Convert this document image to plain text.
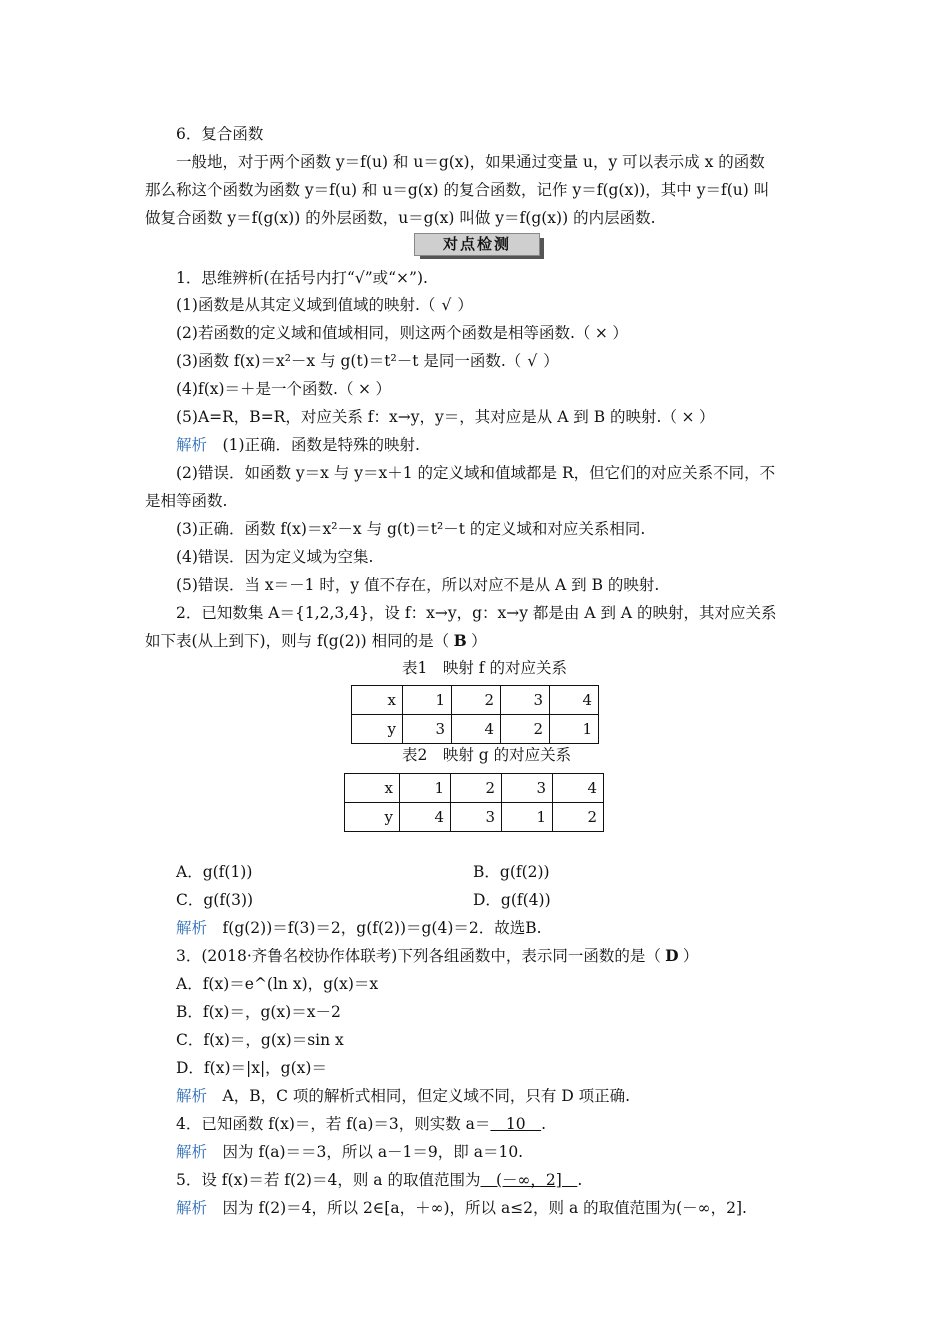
6．复合函数
一般地，对于两个函数 y＝f(u) 和 u＝g(x)，如果通过变量 u，y 可以表示成 x 的函数
那么称这个函数为函数 y＝f(u) 和 u＝g(x) 的复合函数，记作 y＝f(g(x))，其中 y＝f(u) 叫
做复合函数 y＝f(g(x)) 的外层函数，u＝g(x) 叫做 y＝f(g(x)) 的内层函数.
对点检测
1．思维辨析(在括号内打“√”或“×”).
(1)函数是从其定义域到值域的映射.（ √ ）
(2)若函数的定义域和值域相同，则这两个函数是相等函数.（ × ）
(3)函数 f(x)＝x²－x 与 g(t)＝t²－t 是同一函数.（ √ ）
(4)f(x)＝＋是一个函数.（ × ）
(5)A=R，B=R，对应关系 f：x→y，y＝，其对应是从 A 到 B 的映射.（ × ）
解析　 (1)正确．函数是特殊的映射.
(2)错误．如函数 y＝x 与 y＝x＋1 的定义域和值域都是 R，但它们的对应关系不同，不
是相等函数.
(3)正确．函数 f(x)＝x²－x 与 g(t)＝t²－t 的定义域和对应关系相同.
(4)错误．因为定义域为空集.
(5)错误．当 x＝－1 时，y 值不存在，所以对应不是从 A 到 B 的映射.
2．已知数集 A＝{1,2,3,4}，设 f：x→y，g：x→y 都是由 A 到 A 的映射，其对应关系
如下表(从上到下)，则与 f(g(2)) 相同的是（ B ）
表1　映射 f 的对应关系
x	1	2	3	4
y	3	4	2	1
表2　映射 g 的对应关系
x	1	2	3	4
y	4	3	1	2
A．g(f(1))	B．g(f(2))
C．g(f(3))	D．g(f(4))
解析　 f(g(2))＝f(3)＝2，g(f(2))＝g(4)＝2．故选B.
3．(2018·齐鲁名校协作体联考)下列各组函数中，表示同一函数的是（ D ）
A．f(x)＝e^(ln x)，g(x)＝x
B．f(x)＝，g(x)＝x－2
C．f(x)＝，g(x)＝sin x
D．f(x)＝|x|，g(x)＝
解析　 A，B，C 项的解析式相同，但定义域不同，只有 D 项正确.
4．已知函数 f(x)＝，若 f(a)＝3，则实数 a＝　10　.
解析　 因为 f(a)＝＝3，所以 a－1＝9，即 a＝10.
5．设 f(x)＝若 f(2)＝4，则 a 的取值范围为　(－∞，2]　.
解析　 因为 f(2)＝4，所以 2∈[a，＋∞)，所以 a≤2，则 a 的取值范围为(－∞，2].
